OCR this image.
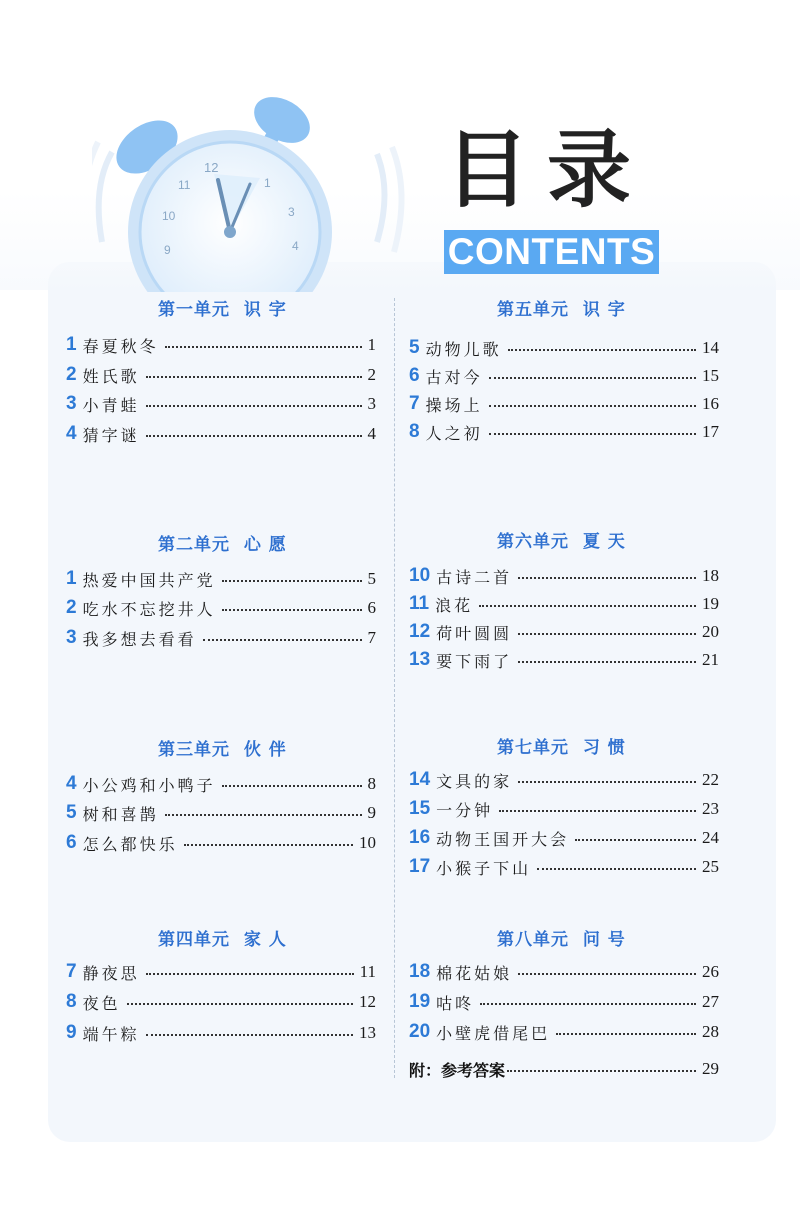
12
11	1
10	3
9	4
目录
CONTENTS
第一单元  识 字
1 春夏秋冬	1
2 姓氏歌	2
3 小青蛙	3
4 猜字谜	4
第二单元  心 愿
1 热爱中国共产党	5
2 吃水不忘挖井人	6
3 我多想去看看	7
第三单元  伙 伴
4 小公鸡和小鸭子	8
5 树和喜鹊	9
6 怎么都快乐	10
第四单元  家 人
7 静夜思	11
8 夜色	12
9 端午粽	13
第五单元  识 字
5 动物儿歌	14
6 古对今	15
7 操场上	16
8 人之初	17
第六单元  夏 天
10 古诗二首	18
11 浪花	19
12 荷叶圆圆	20
13 要下雨了	21
第七单元  习 惯
14 文具的家	22
15 一分钟	23
16 动物王国开大会	24
17 小猴子下山	25
第八单元  问 号
18 棉花姑娘	26
19 咕咚	27
20 小壁虎借尾巴	28
附：参考答案	29
